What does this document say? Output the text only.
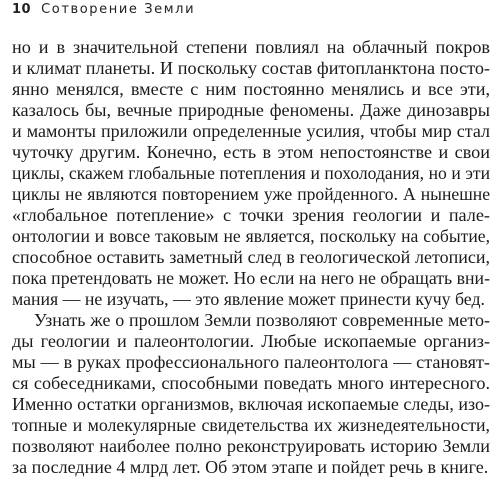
10 Сотворение Земли
но и в значительной степени повлиял на облачный покров
и климат планеты. И поскольку состав фитопланктона посто-
янно менялся, вместе с ним постоянно менялись и все эти,
казалось бы, вечные природные феномены. Даже динозавры
и мамонты приложили определенные усилия, чтобы мир стал
чуточку другим. Конечно, есть в этом непостоянстве и свои
циклы, скажем глобальные потепления и похолодания, но и эти
циклы не являются повторением уже пройденного. А нынешне
«глобальное потепление» с точки зрения геологии и пале-
онтологии и вовсе таковым не является, поскольку на событие,
способное оставить заметный след в геологической летописи,
пока претендовать не может. Но если на него не обращать вни-
мания — не изучать, — это явление может принести кучу бед.
Узнать же о прошлом Земли позволяют современные мето-
ды геологии и палеонтологии. Любые ископаемые организ-
мы — в руках профессионального палеонтолога — становят-
ся собеседниками, способными поведать много интересного.
Именно остатки организмов, включая ископаемые следы, изо-
топные и молекулярные свидетельства их жизнедеятельности,
позволяют наиболее полно реконструировать историю Земли
за последние 4 млрд лет. Об этом этапе и пойдет речь в книге.
